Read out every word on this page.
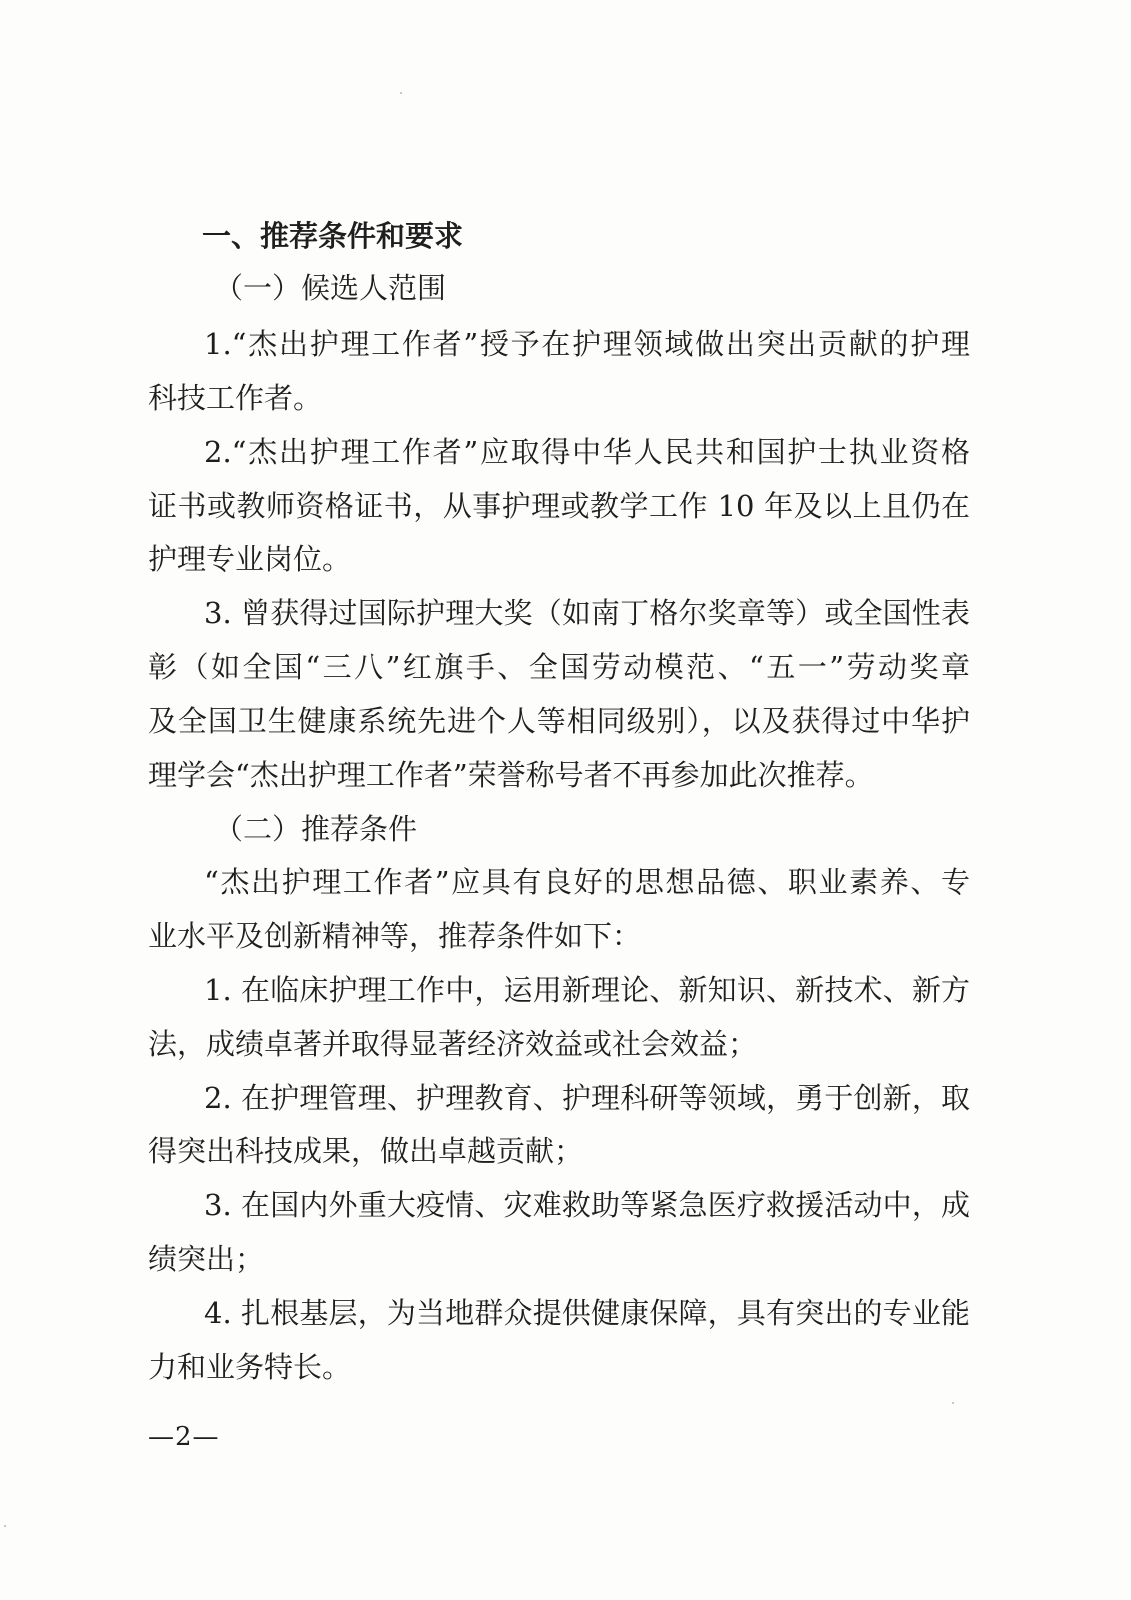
一、推荐条件和要求
（一）候选人范围
1.“杰出护理工作者”授予在护理领域做出突出贡献的护理
科技工作者。
2.“杰出护理工作者”应取得中华人民共和国护士执业资格
证书或教师资格证书，从事护理或教学工作 10 年及以上且仍在
护理专业岗位。
3. 曾获得过国际护理大奖（如南丁格尔奖章等）或全国性表
彰（如全国“三八”红旗手、全国劳动模范、“五一”劳动奖章
及全国卫生健康系统先进个人等相同级别），以及获得过中华护
理学会“杰出护理工作者”荣誉称号者不再参加此次推荐。
（二）推荐条件
“杰出护理工作者”应具有良好的思想品德、职业素养、专
业水平及创新精神等，推荐条件如下：
1. 在临床护理工作中，运用新理论、新知识、新技术、新方
法，成绩卓著并取得显著经济效益或社会效益；
2. 在护理管理、护理教育、护理科研等领域，勇于创新，取
得突出科技成果，做出卓越贡献；
3. 在国内外重大疫情、灾难救助等紧急医疗救援活动中，成
绩突出；
4. 扎根基层，为当地群众提供健康保障，具有突出的专业能
力和业务特长。
—2—
